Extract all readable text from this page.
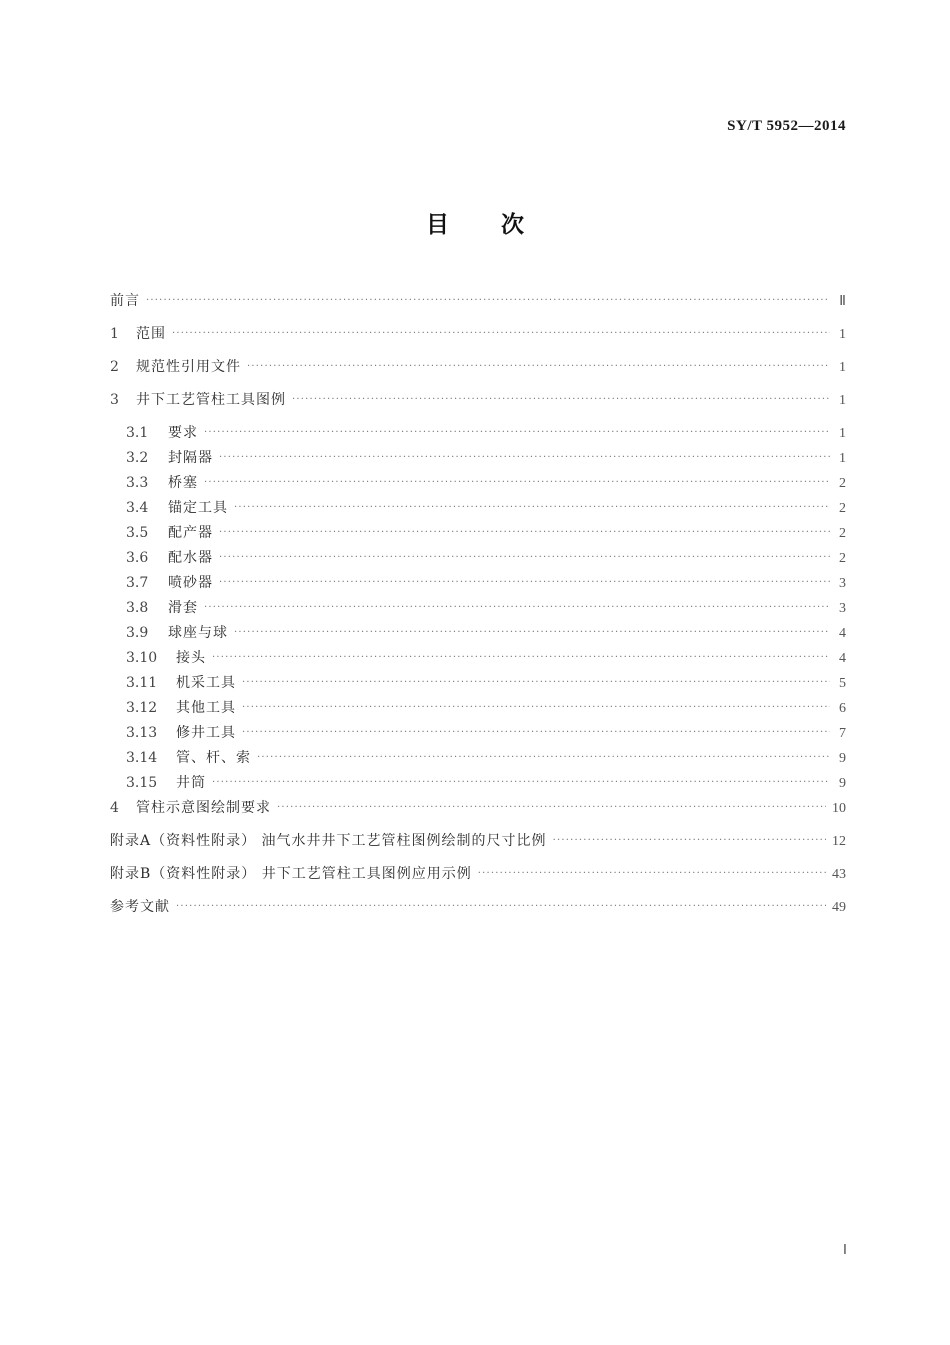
SY/T 5952—2014
目次
前言 ·····	Ⅱ
1	范围 ·····	1
2	规范性引用文件 ·····	1
3	井下工艺管柱工具图例 ·····	1
3.1	要求 ·····	1
3.2	封隔器 ·····	1
3.3	桥塞 ·····	2
3.4	锚定工具 ·····	2
3.5	配产器 ·····	2
3.6	配水器 ·····	2
3.7	喷砂器 ·····	3
3.8	滑套 ·····	3
3.9	球座与球 ·····	4
3.10	接头 ·····	4
3.11	机采工具 ·····	5
3.12	其他工具 ·····	6
3.13	修井工具 ·····	7
3.14	管、杆、索 ·····	9
3.15	井筒 ·····	9
4	管柱示意图绘制要求 ·····	10
附录A（资料性附录） 油气水井井下工艺管柱图例绘制的尺寸比例 ·····	12
附录B（资料性附录） 井下工艺管柱工具图例应用示例 ·····	43
参考文献 ·····	49
Ⅰ
